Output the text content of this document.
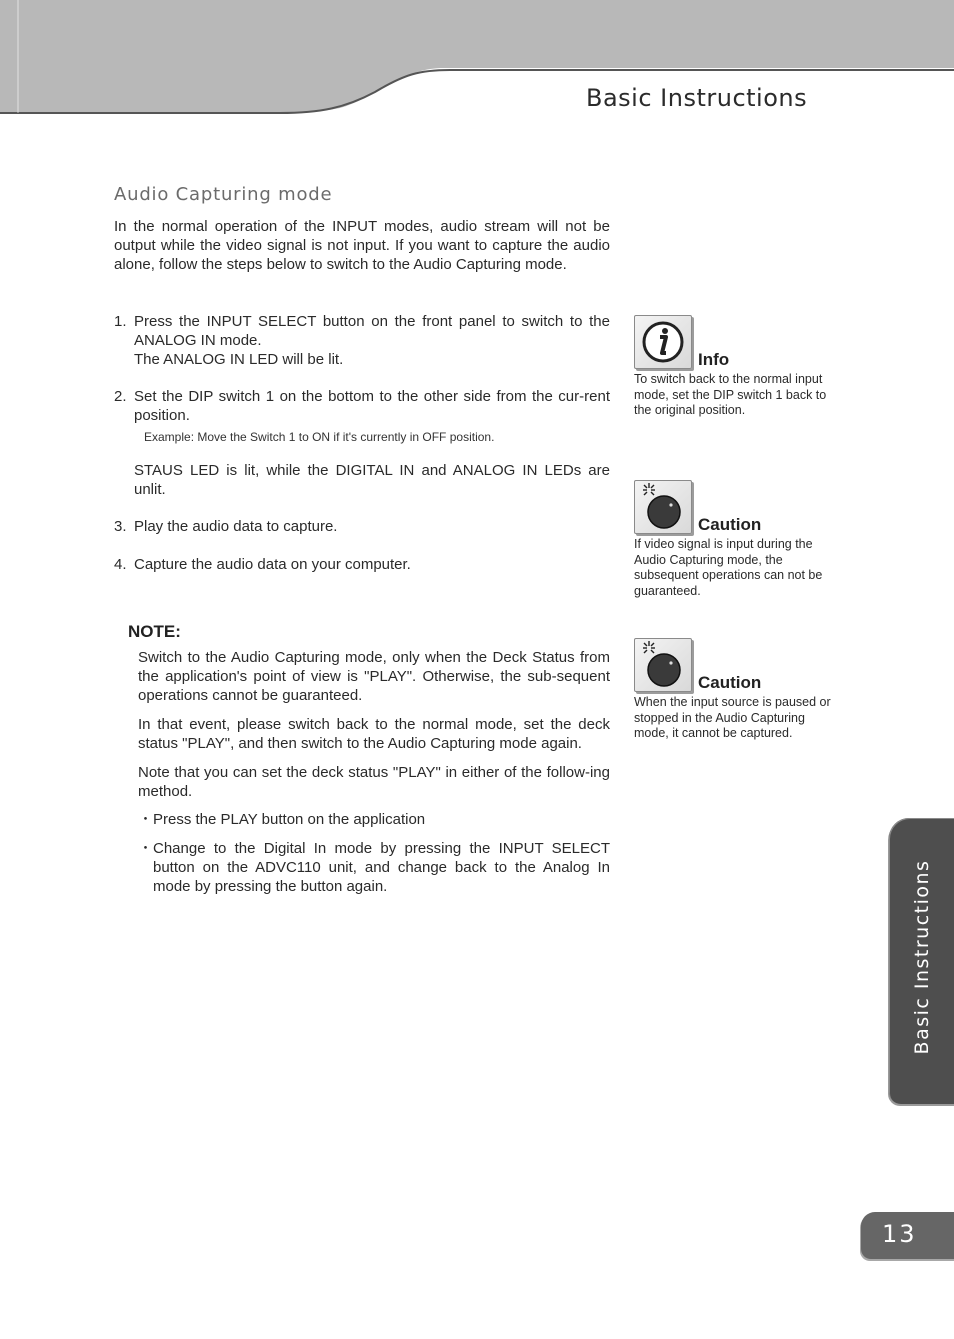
Basic Instructions
Audio Capturing mode
In the normal operation of the INPUT modes, audio stream will not be output while the video signal is not input. If you want to capture the audio alone, follow the steps below to switch to the Audio Capturing mode.
1. Press the INPUT SELECT button on the front panel to switch to the ANALOG IN mode.
The ANALOG IN LED will be lit.
2. Set the DIP switch 1 on the bottom to the other side from the cur-rent position.
Example: Move the Switch 1 to ON if it's currently in OFF position.
STAUS LED is lit, while the DIGITAL IN and ANALOG IN LEDs are unlit.
3. Play the audio data to capture.
4. Capture the audio data on your computer.
NOTE:
Switch to the Audio Capturing mode, only when the Deck Status from the application's point of view is "PLAY". Otherwise, the sub-sequent operations cannot be guaranteed.
In that event, please switch back to the normal mode, set the deck status "PLAY", and then switch to the Audio Capturing mode again.
Note that you can set the deck status "PLAY" in either of the follow-ing method.
・ Press the PLAY button on the application
・ Change to the Digital In mode by pressing the INPUT SELECT button on the ADVC110 unit, and change back to the Analog In mode by pressing the button again.
Info
To switch back to the normal input mode, set the DIP switch 1 back to the original position.
Caution
If video signal is input during the Audio Capturing mode, the subsequent operations can not be guaranteed.
Caution
When the input source is paused or stopped in the Audio Capturing mode, it cannot be captured.
Basic Instructions
13
